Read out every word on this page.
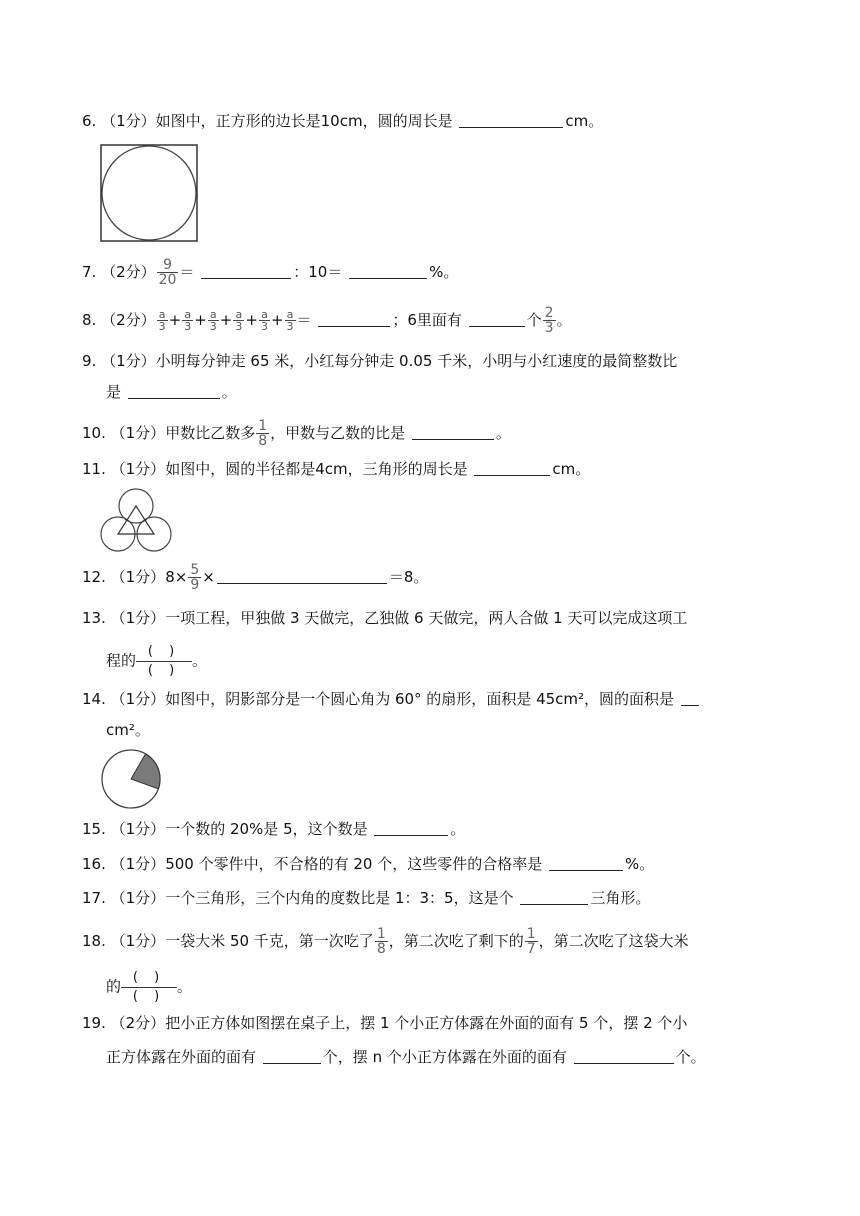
6. （1分）如图中，正方形的边长是10cm，圆的周长是	cm。
7. （2分） $\frac{9}{20}$ ＝	：10＝	%。
8. （2分） $\frac{a}{3} + \frac{a}{3} + \frac{a}{3} + \frac{a}{3} + \frac{a}{3} + \frac{a}{3}$ ＝	；6里面有	个 $\frac{2}{3}$ 。
9. （1分）小明每分钟走 65 米，小红每分钟走 0.05 千米，小明与小红速度的最简整数比
是	。
10. （1分）甲数比乙数多 $\frac{1}{8}$ ，甲数与乙数的比是	。
11. （1分）如图中，圆的半径都是4cm，三角形的周长是	cm。
12. （1分）$8\times \frac{5}{9}$ ×	＝8。
13. （1分）一项工程，甲独做 3 天做完，乙独做 6 天做完，两人合做 1 天可以完成这项工
程的
( )
( )
。
14. （1分）如图中，阴影部分是一个圆心角为 60° 的扇形，面积是 45cm²，圆的面积是
cm²。
15. （1分）一个数的 20%是 5，这个数是	。
16. （1分）500 个零件中，不合格的有 20 个，这些零件的合格率是	%。
17. （1分）一个三角形，三个内角的度数比是 1：3：5，这是个	三角形。
18. （1分）一袋大米 50 千克，第一次吃了 $\frac{1}{8}$ ，第二次吃了剩下的 $\frac{1}{7}$ ，第二次吃了这袋大米
的
( )
( )
。
19. （2分）把小正方体如图摆在桌子上，摆 1 个小正方体露在外面的面有 5 个，摆 2 个小
正方体露在外面的面有	个，摆 n 个小正方体露在外面的面有	个。
